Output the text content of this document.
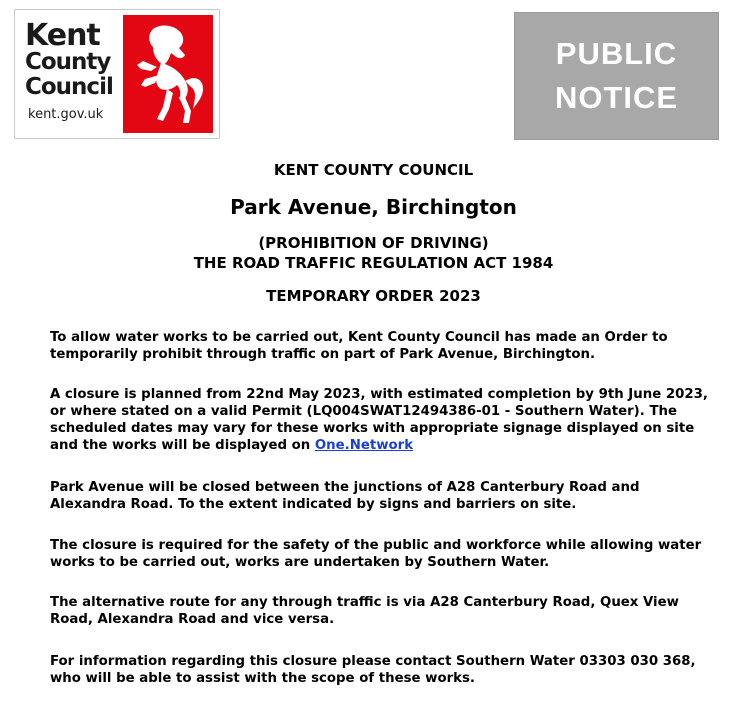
Kent
County
Council
kent.gov.uk
PUBLIC
NOTICE
KENT COUNTY COUNCIL
Park Avenue, Birchington
(PROHIBITION OF DRIVING)
THE ROAD TRAFFIC REGULATION ACT 1984
TEMPORARY ORDER 2023
To allow water works to be carried out, Kent County Council has made an Order to temporarily prohibit through traffic on part of Park Avenue, Birchington.
A closure is planned from 22nd May 2023, with estimated completion by 9th June 2023, or where stated on a valid Permit (LQ004SWAT12494386-01 - Southern Water). The scheduled dates may vary for these works with appropriate signage displayed on site and the works will be displayed on One.Network
Park Avenue will be closed between the junctions of A28 Canterbury Road and Alexandra Road. To the extent indicated by signs and barriers on site.
The closure is required for the safety of the public and workforce while allowing water works to be carried out, works are undertaken by Southern Water.
The alternative route for any through traffic is via A28 Canterbury Road, Quex View Road, Alexandra Road and vice versa.
For information regarding this closure please contact Southern Water 03303 030 368, who will be able to assist with the scope of these works.
